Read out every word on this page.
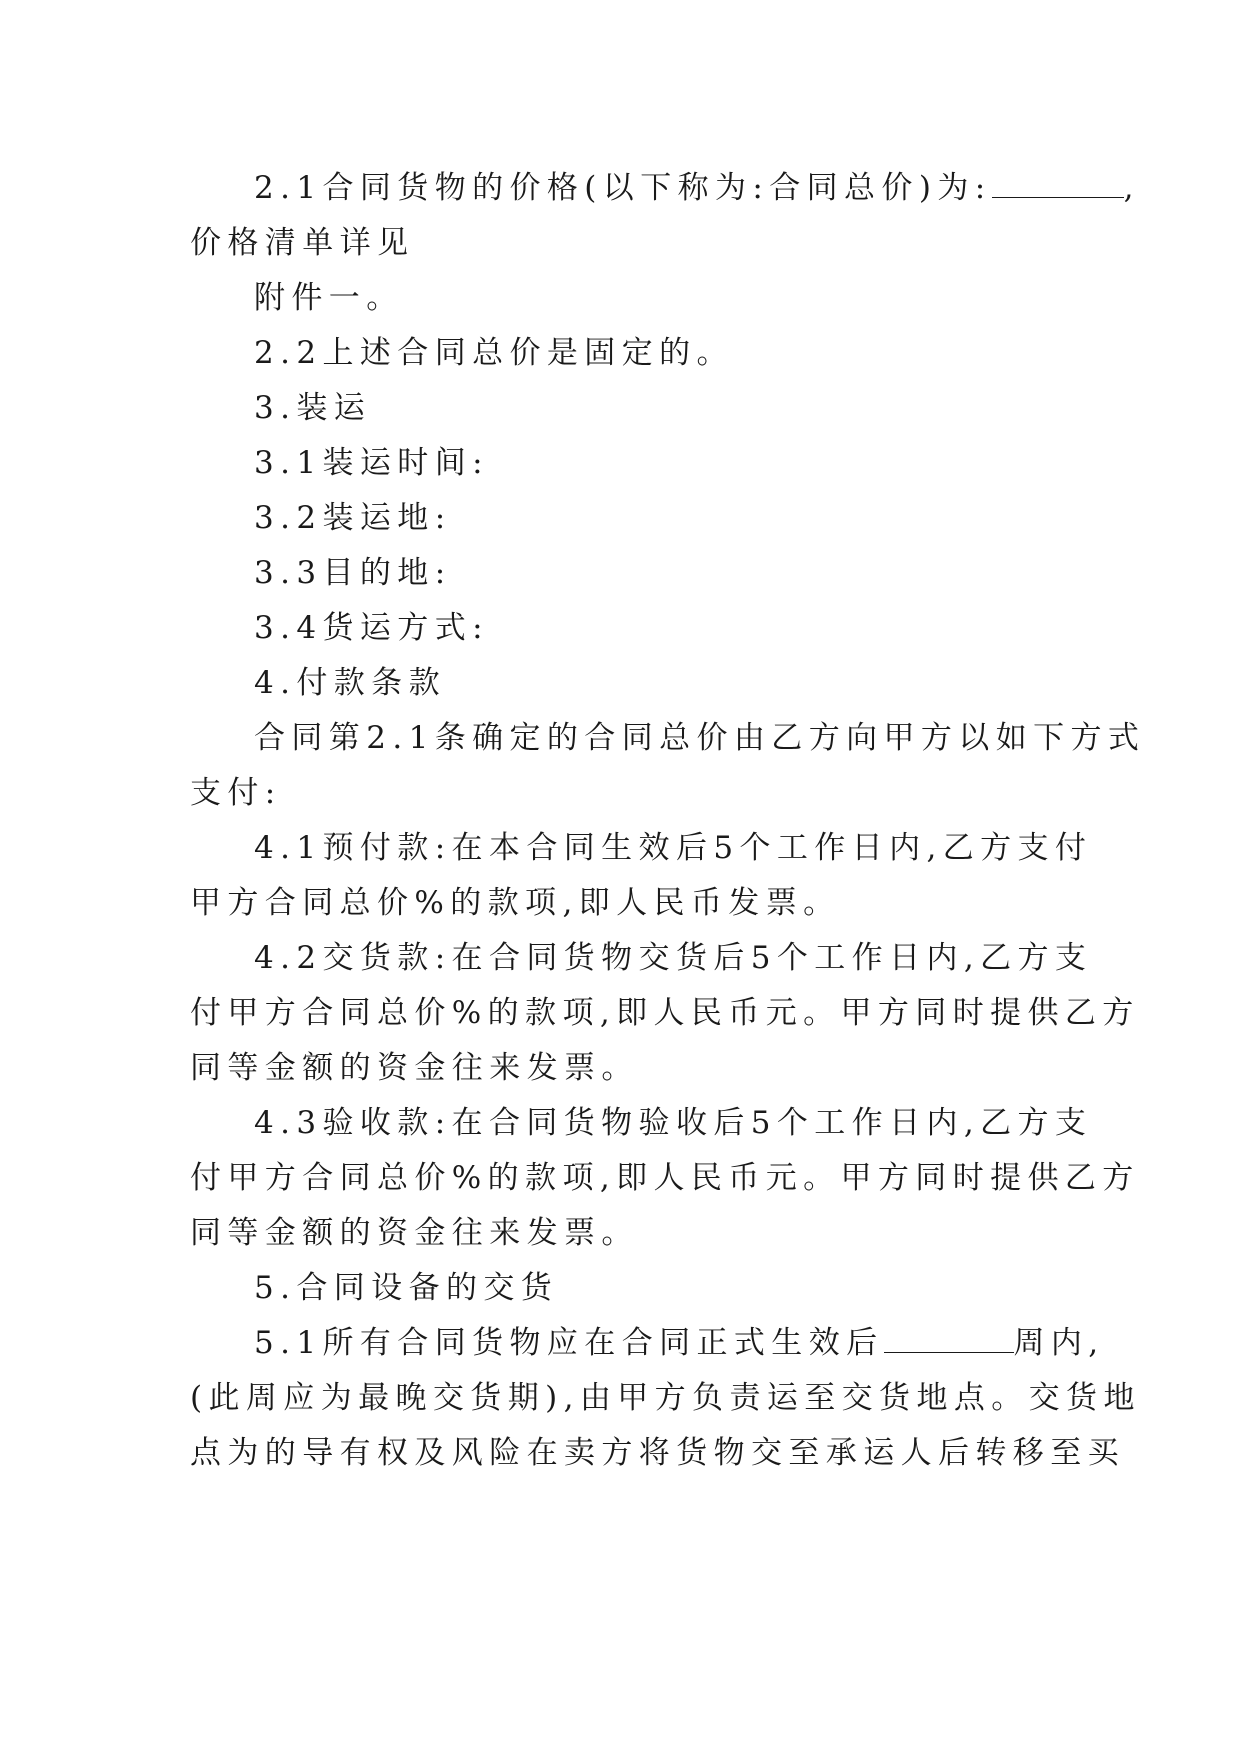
2.1合同货物的价格(以下称为:合同总价)为:	,
价格清单详见
附件一。
2.2上述合同总价是固定的。
3.装运
3.1装运时间:
3.2装运地:
3.3目的地:
3.4货运方式:
4.付款条款
合同第2.1条确定的合同总价由乙方向甲方以如下方式
支付:
4.1预付款:在本合同生效后5个工作日内,乙方支付
甲方合同总价%的款项,即人民币发票。
4.2交货款:在合同货物交货后5个工作日内,乙方支
付甲方合同总价%的款项,即人民币元。甲方同时提供乙方
同等金额的资金往来发票。
4.3验收款:在合同货物验收后5个工作日内,乙方支
付甲方合同总价%的款项,即人民币元。甲方同时提供乙方
同等金额的资金往来发票。
5.合同设备的交货
5.1所有合同货物应在合同正式生效后	周内,
(此周应为最晚交货期),由甲方负责运至交货地点。交货地
点为的导有权及风险在卖方将货物交至承运人后转移至买
